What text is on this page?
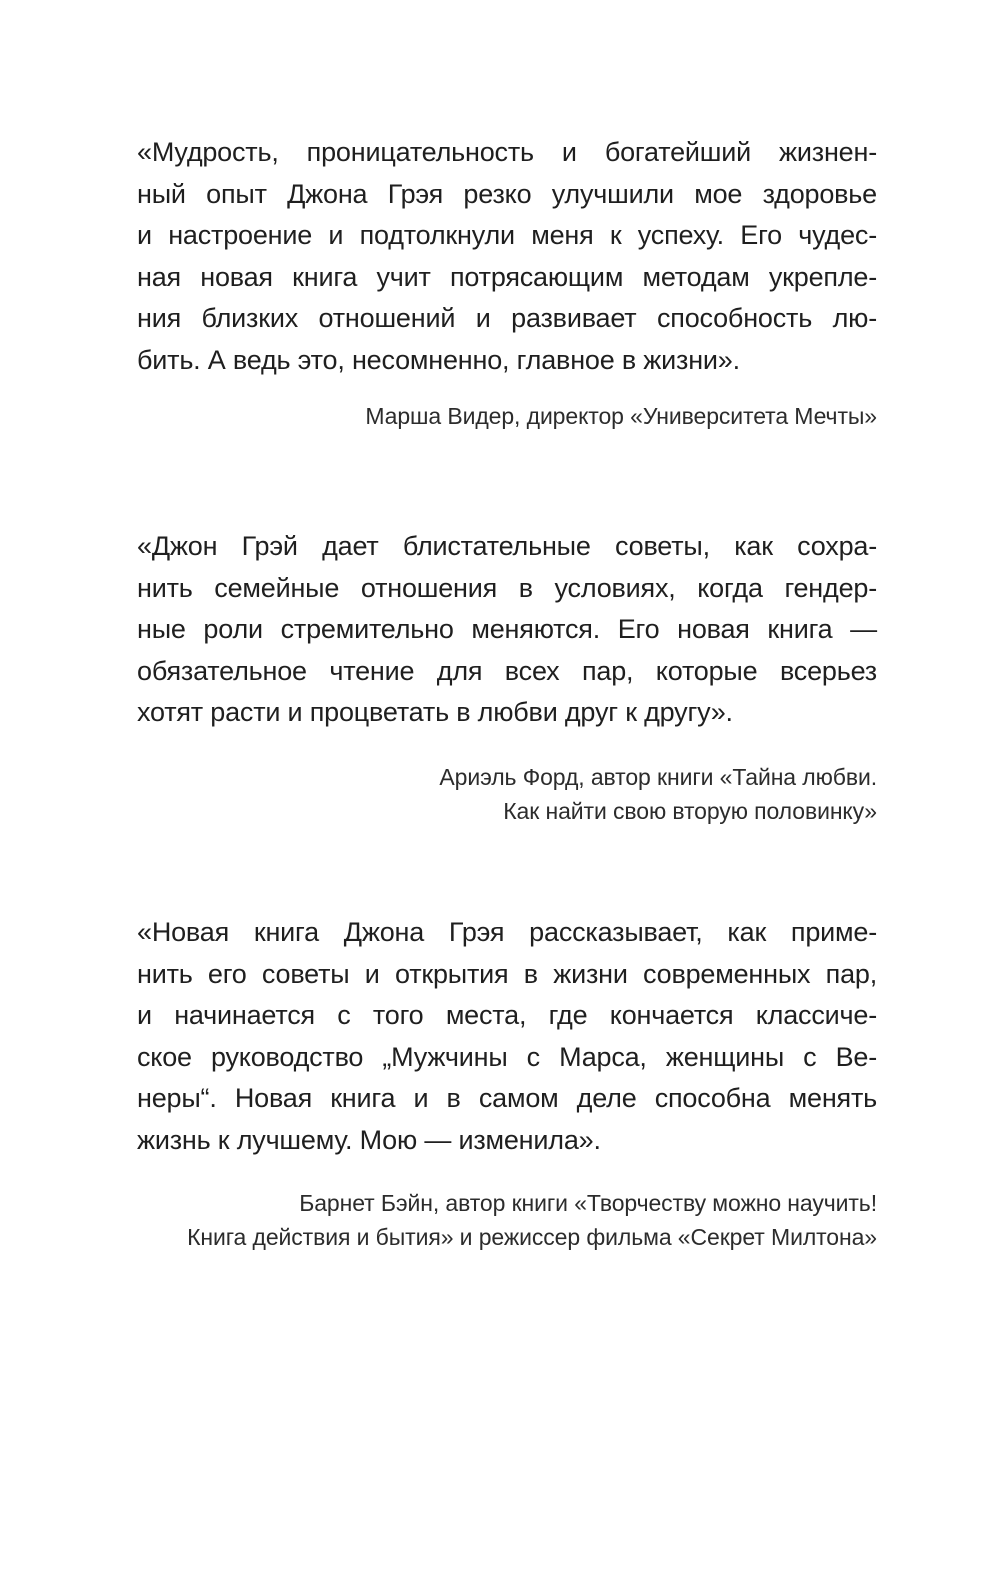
«Мудрость, проницательность и богатейший жизнен-
ный опыт Джона Грэя резко улучшили мое здоровье
и настроение и подтолкнули меня к успеху. Его чудес-
ная новая книга учит потрясающим методам укрепле-
ния близких отношений и развивает способность лю-
бить. А ведь это, несомненно, главное в жизни».
Марша Видер, директор «Университета Мечты»
«Джон Грэй дает блистательные советы, как сохра-
нить семейные отношения в условиях, когда гендер-
ные роли стремительно меняются. Его новая книга —
обязательное чтение для всех пар, которые всерьез
хотят расти и процветать в любви друг к другу».
Ариэль Форд, автор книги «Тайна любви.
Как найти свою вторую половинку»
«Новая книга Джона Грэя рассказывает, как приме-
нить его советы и открытия в жизни современных пар,
и начинается с того места, где кончается классиче-
ское руководство „Мужчины с Марса, женщины с Ве-
неры“. Новая книга и в самом деле способна менять
жизнь к лучшему. Мою — изменила».
Барнет Бэйн, автор книги «Творчеству можно научить!
Книга действия и бытия» и режиссер фильма «Секрет Милтона»
